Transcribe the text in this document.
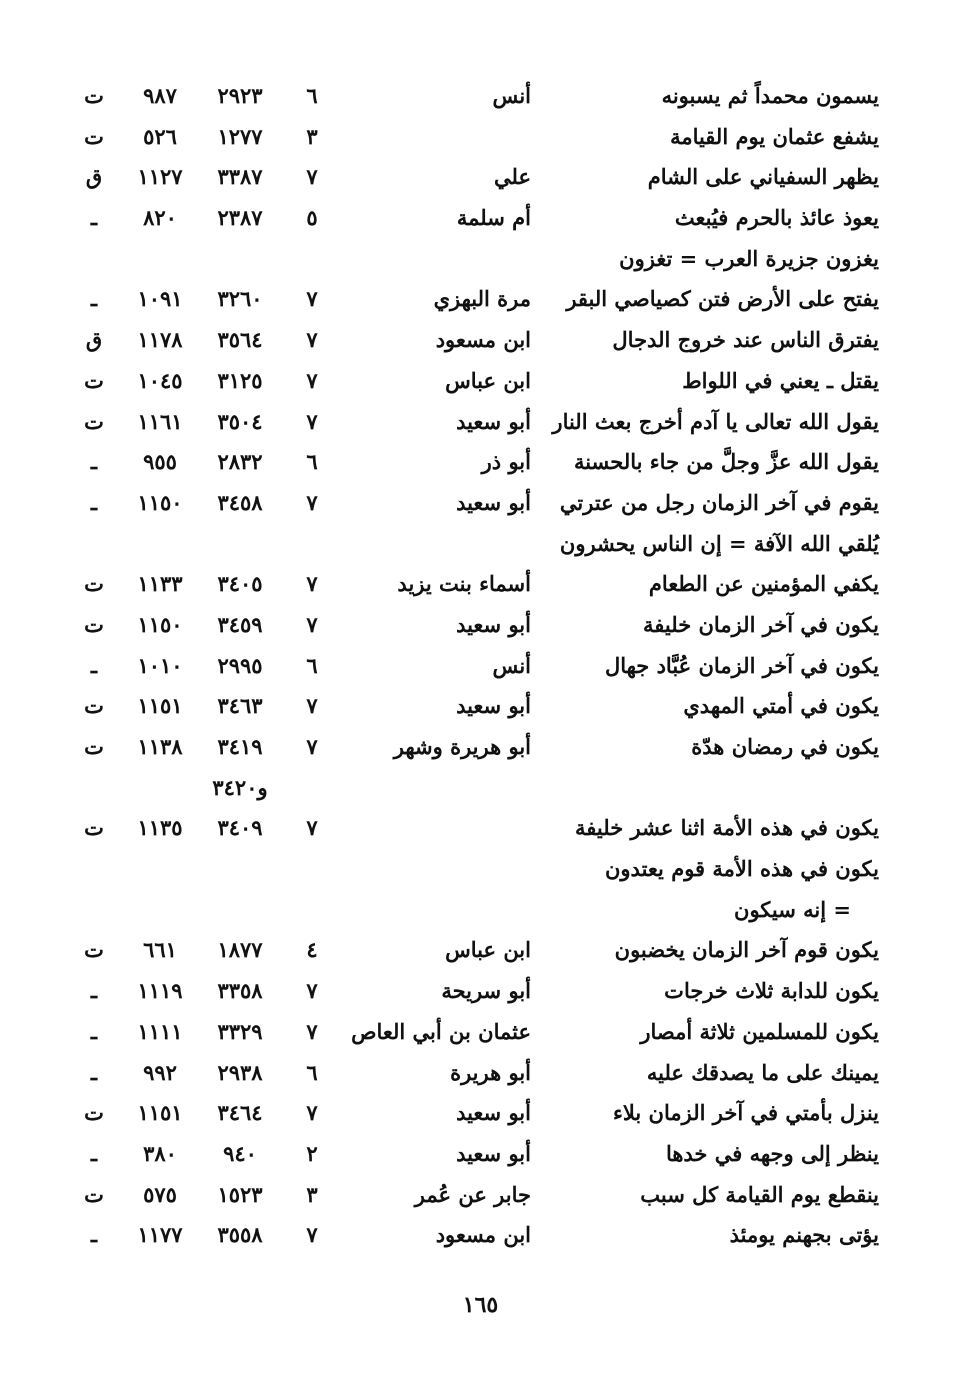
يسمون محمداً ثم يسبونه
أنس
٦
٢٩٢٣
٩٨٧
ت
يشفع عثمان يوم القيامة
٣
١٢٧٧
٥٢٦
ت
يظهر السفياني على الشام
علي
٧
٣٣٨٧
١١٢٧
ق
يعوذ عائذ بالحرم فيُبعث
أم سلمة
٥
٢٣٨٧
٨٢٠
ـ
يغزون جزيرة العرب = تغزون
يفتح على الأرض فتن كصياصي البقر
مرة البهزي
٧
٣٢٦٠
١٠٩١
ـ
يفترق الناس عند خروج الدجال
ابن مسعود
٧
٣٥٦٤
١١٧٨
ق
يقتل ـ يعني في اللواط
ابن عباس
٧
٣١٢٥
١٠٤٥
ت
يقول الله تعالى يا آدم أخرج بعث النار
أبو سعيد
٧
٣٥٠٤
١١٦١
ت
يقول الله عزَّ وجلَّ من جاء بالحسنة
أبو ذر
٦
٢٨٣٢
٩٥٥
ـ
يقوم في آخر الزمان رجل من عترتي
أبو سعيد
٧
٣٤٥٨
١١٥٠
ـ
يُلقي الله الآفة = إن الناس يحشرون
يكفي المؤمنين عن الطعام
أسماء بنت يزيد
٧
٣٤٠٥
١١٣٣
ت
يكون في آخر الزمان خليفة
أبو سعيد
٧
٣٤٥٩
١١٥٠
ت
يكون في آخر الزمان عُبَّاد جهال
أنس
٦
٢٩٩٥
١٠١٠
ـ
يكون في أمتي المهدي
أبو سعيد
٧
٣٤٦٣
١١٥١
ت
يكون في رمضان هدّة
أبو هريرة وشهر
٧
٣٤١٩
١١٣٨
ت
و٣٤٢٠
يكون في هذه الأمة اثنا عشر خليفة
٧
٣٤٠٩
١١٣٥
ت
يكون في هذه الأمة قوم يعتدون
= إنه سيكون
يكون قوم آخر الزمان يخضبون
ابن عباس
٤
١٨٧٧
٦٦١
ت
يكون للدابة ثلاث خرجات
أبو سريحة
٧
٣٣٥٨
١١١٩
ـ
يكون للمسلمين ثلاثة أمصار
عثمان بن أبي العاص
٧
٣٣٢٩
١١١١
ـ
يمينك على ما يصدقك عليه
أبو هريرة
٦
٢٩٣٨
٩٩٢
ـ
ينزل بأمتي في آخر الزمان بلاء
أبو سعيد
٧
٣٤٦٤
١١٥١
ت
ينظر إلى وجهه في خدها
أبو سعيد
٢
٩٤٠
٣٨٠
ـ
ينقطع يوم القيامة كل سبب
جابر عن عُمر
٣
١٥٢٣
٥٧٥
ت
يؤتى بجهنم يومئذ
ابن مسعود
٧
٣٥٥٨
١١٧٧
ـ
١٦٥
